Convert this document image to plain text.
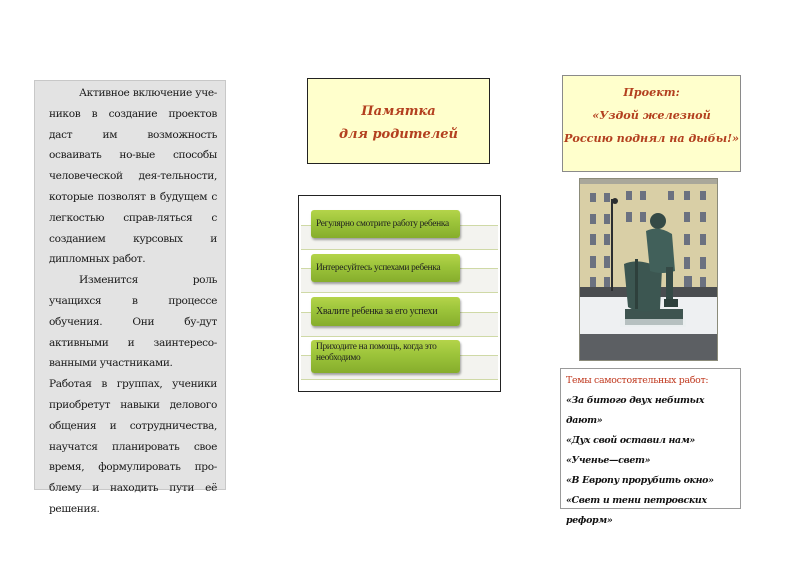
Активное включение уче-ников в создание проектов даст им возможность осваивать но-вые способы человеческой дея-тельности, которые позволят в будущем с легкостью справ-ляться с созданием курсовых и дипломных работ.

Изменится роль учащихся в процессе обучения. Они бу-дут активными и заинтересо-ванными участниками.

Работая в группах, ученики приобретут навыки делового общения и сотрудничества, научатся планировать свое время, формулировать про-блему и находить пути её решения.

Памятка
для родителей
Регулярно смотрите работу ребенка
Интересуйтесь успехами ребенка
Хвалите ребенка за его успехи
Приходите на помощь, когда это необходимо
Проект:
«Уздой железной
Россию поднял на дыбы!»
Темы самостоятельных работ:
«За битого двух небитых дают»
«Дух свой оставил нам»
«Ученье—свет»
«В Европу прорубить окно»
«Свет и тени петровских реформ»
